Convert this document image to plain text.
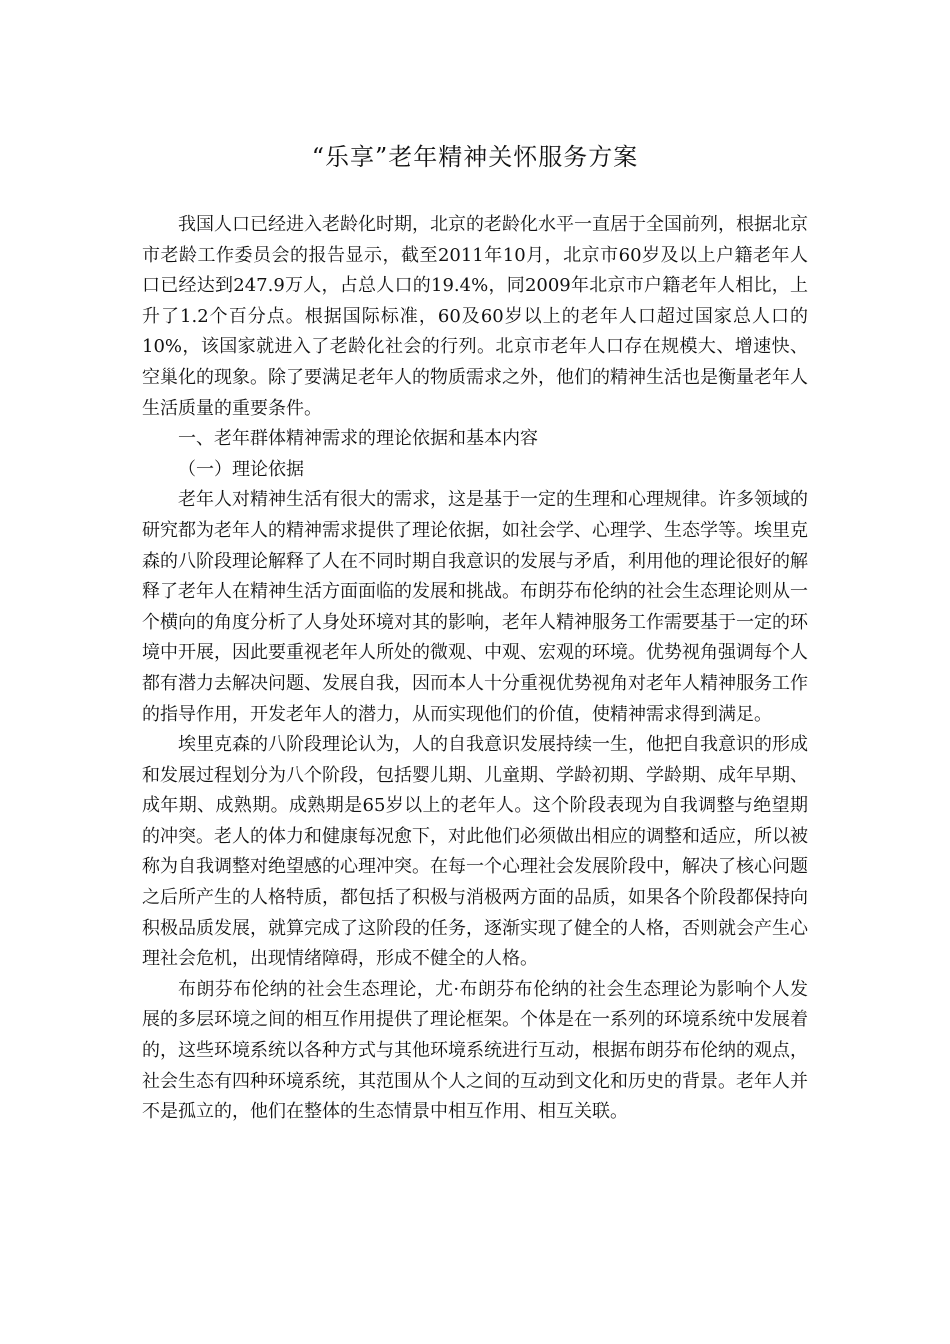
“乐享”老年精神关怀服务方案

我国人口已经进入老龄化时期，北京的老龄化水平一直居于全国前列，根据北京市老龄工作委员会的报告显示，截至2011年10月，北京市60岁及以上户籍老年人口已经达到247.9万人，占总人口的19.4%，同2009年北京市户籍老年人相比，上升了1.2个百分点。根据国际标准，60及60岁以上的老年人口超过国家总人口的10%，该国家就进入了老龄化社会的行列。北京市老年人口存在规模大、增速快、空巢化的现象。除了要满足老年人的物质需求之外，他们的精神生活也是衡量老年人生活质量的重要条件。

一、老年群体精神需求的理论依据和基本内容

（一）理论依据

老年人对精神生活有很大的需求，这是基于一定的生理和心理规律。许多领域的研究都为老年人的精神需求提供了理论依据，如社会学、心理学、生态学等。埃里克森的八阶段理论解释了人在不同时期自我意识的发展与矛盾，利用他的理论很好的解释了老年人在精神生活方面面临的发展和挑战。布朗芬布伦纳的社会生态理论则从一个横向的角度分析了人身处环境对其的影响，老年人精神服务工作需要基于一定的环境中开展，因此要重视老年人所处的微观、中观、宏观的环境。优势视角强调每个人都有潜力去解决问题、发展自我，因而本人十分重视优势视角对老年人精神服务工作的指导作用，开发老年人的潜力，从而实现他们的价值，使精神需求得到满足。

埃里克森的八阶段理论认为，人的自我意识发展持续一生，他把自我意识的形成和发展过程划分为八个阶段，包括婴儿期、儿童期、学龄初期、学龄期、成年早期、成年期、成熟期。成熟期是65岁以上的老年人。这个阶段表现为自我调整与绝望期的冲突。老人的体力和健康每况愈下，对此他们必须做出相应的调整和适应，所以被称为自我调整对绝望感的心理冲突。在每一个心理社会发展阶段中，解决了核心问题之后所产生的人格特质，都包括了积极与消极两方面的品质，如果各个阶段都保持向积极品质发展，就算完成了这阶段的任务，逐渐实现了健全的人格，否则就会产生心理社会危机，出现情绪障碍，形成不健全的人格。

布朗芬布伦纳的社会生态理论，尤·布朗芬布伦纳的社会生态理论为影响个人发展的多层环境之间的相互作用提供了理论框架。个体是在一系列的环境系统中发展着的，这些环境系统以各种方式与其他环境系统进行互动，根据布朗芬布伦纳的观点，社会生态有四种环境系统，其范围从个人之间的互动到文化和历史的背景。老年人并不是孤立的，他们在整体的生态情景中相互作用、相互关联。
